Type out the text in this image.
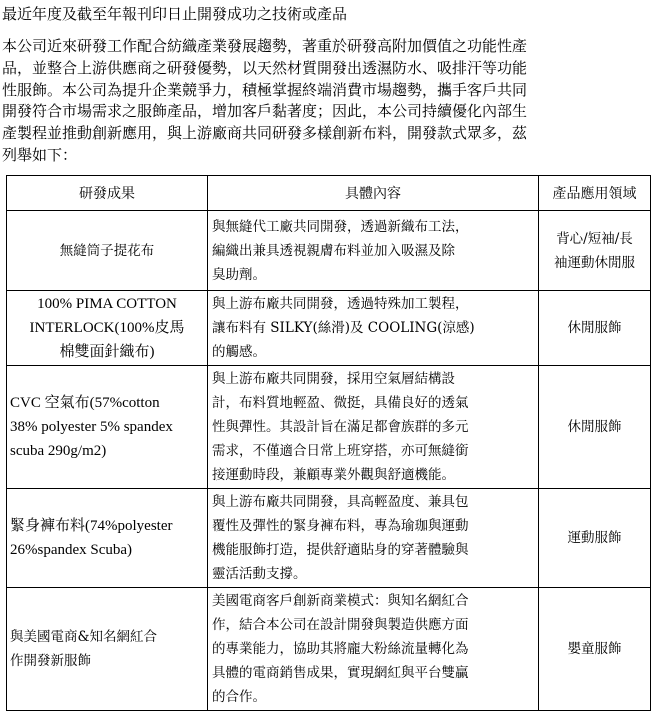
最近年度及截至年報刊印日止開發成功之技術或產品
本公司近來研發工作配合紡織產業發展趨勢，著重於研發高附加價值之功能性產
品，並整合上游供應商之研發優勢，以天然材質開發出透濕防水、吸排汗等功能
性服飾。本公司為提升企業競爭力，積極掌握終端消費市場趨勢，攜手客戶共同
開發符合市場需求之服飾產品，增加客戶黏著度；因此，本公司持續優化內部生
產製程並推動創新應用，與上游廠商共同研發多樣創新布料，開發款式眾多，茲
列舉如下：
研發成果	具體內容	產品應用領域
無縫筒子提花布	與無縫代工廠共同開發，透過新織布工法，
編織出兼具透視親膚布料並加入吸濕及除
臭助劑。	背心/短袖/長
袖運動休閒服

100% PIMA COTTON
INTERLOCK(100%皮馬
棉雙面針織布)	與上游布廠共同開發，透過特殊加工製程，
讓布料有 SILKY(絲滑)及 COOLING(涼感)
的觸感。	休閒服飾

CVC 空氣布(57%cotton
38% polyester 5% spandex
scuba 290g/m2)	與上游布廠共同開發，採用空氣層結構設
計，布料質地輕盈、微挺，具備良好的透氣
性與彈性。其設計旨在滿足都會族群的多元
需求，不僅適合日常上班穿搭，亦可無縫銜
接運動時段，兼顧專業外觀與舒適機能。	休閒服飾

緊身褲布料(74%polyester
26%spandex Scuba)	與上游布廠共同開發，具高輕盈度、兼具包
覆性及彈性的緊身褲布料，專為瑜珈與運動
機能服飾打造，提供舒適貼身的穿著體驗與
靈活活動支撐。	運動服飾

與美國電商&知名網紅合
作開發新服飾	美國電商客戶創新商業模式：與知名網紅合
作，結合本公司在設計開發與製造供應方面
的專業能力，協助其將龐大粉絲流量轉化為
具體的電商銷售成果，實現網紅與平台雙贏
的合作。	嬰童服飾
